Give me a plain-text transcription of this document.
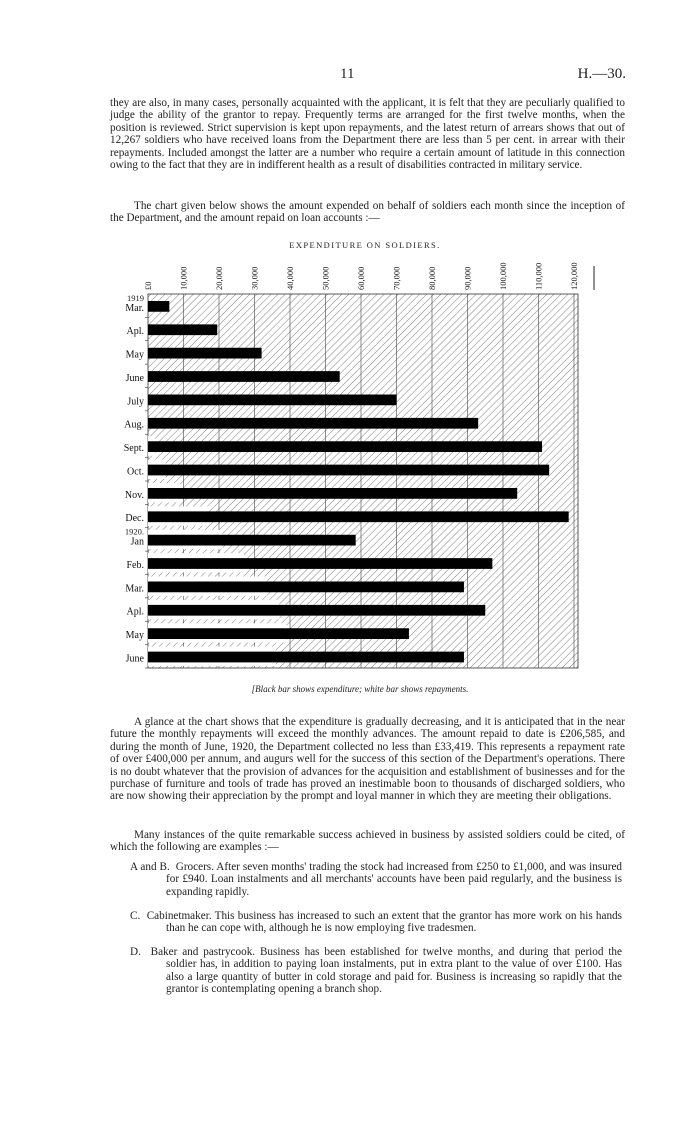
11	H.—30.

they are also, in many cases, personally acquainted with the applicant, it is felt that they are peculiarly qualified to judge the ability of the grantor to repay. Frequently terms are arranged for the first twelve months, when the position is reviewed. Strict supervision is kept upon repayments, and the latest return of arrears shows that out of 12,267 soldiers who have received loans from the Department there are less than 5 per cent. in arrear with their repayments. Included amongst the latter are a number who require a certain amount of latitude in this connection owing to the fact that they are in indifferent health as a result of disabilities contracted in military service.

The chart given below shows the amount expended on behalf of soldiers each month since the inception of the Department, and the amount repaid on loan accounts :—

EXPENDITURE ON SOLDIERS.
£0	10,000	20,000	30,000	40,000	50,000	60,000	70,000	80,000	90,000	100,000	110,000	120,000
1919
Mar.
Apl.
May
June
July
Aug.
Sept.
Oct.
Nov.
Dec.
1920.
Jan
Feb.
Mar.
Apl.
May
June
[Black bar shows expenditure; white bar shows repayments.

A glance at the chart shows that the expenditure is gradually decreasing, and it is anticipated that in the near future the monthly repayments will exceed the monthly advances. The amount repaid to date is £206,585, and during the month of June, 1920, the Department collected no less than £33,419. This represents a repayment rate of over £400,000 per annum, and augurs well for the success of this section of the Department's operations. There is no doubt whatever that the provision of advances for the acquisition and establishment of businesses and for the purchase of furniture and tools of trade has proved an inestimable boon to thousands of discharged soldiers, who are now showing their appreciation by the prompt and loyal manner in which they are meeting their obligations.

Many instances of the quite remarkable success achieved in business by assisted soldiers could be cited, of which the following are examples :—

A and B. Grocers. After seven months' trading the stock had increased from £250 to £1,000, and was insured for £940. Loan instalments and all merchants' accounts have been paid regularly, and the business is expanding rapidly.
C. Cabinetmaker. This business has increased to such an extent that the grantor has more work on his hands than he can cope with, although he is now employing five tradesmen.
D. Baker and pastrycook. Business has been established for twelve months, and during that period the soldier has, in addition to paying loan instalments, put in extra plant to the value of over £100. Has also a large quantity of butter in cold storage and paid for. Business is increasing so rapidly that the grantor is contemplating opening a branch shop.
